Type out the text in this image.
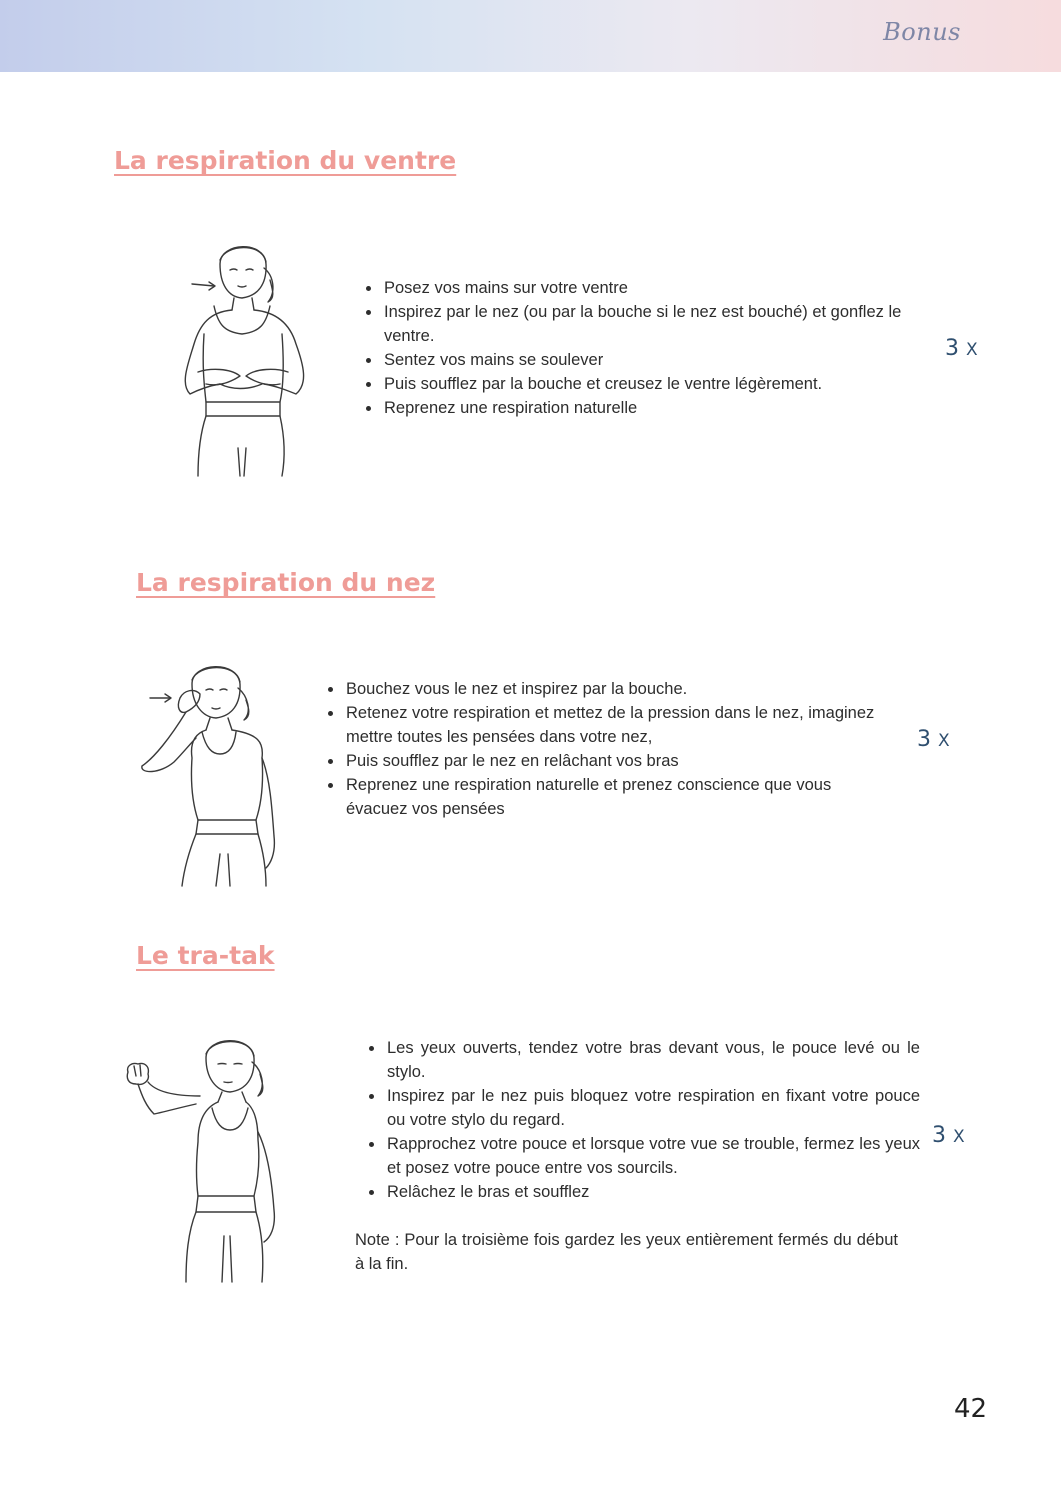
Bonus
La respiration du ventre
• Posez vos mains sur votre ventre
• Inspirez par le nez (ou par la bouche si le nez est bouché) et gonflez le ventre.
• Sentez vos mains se soulever
• Puis soufflez par la bouche et creusez le ventre légèrement.
• Reprenez une respiration naturelle
3 X
La respiration du nez
• Bouchez vous le nez et inspirez par la bouche.
• Retenez votre respiration et mettez de la pression dans le nez, imaginez mettre toutes les pensées dans votre nez,
• Puis soufflez par le nez en relâchant vos bras
• Reprenez une respiration naturelle et prenez conscience que vous évacuez vos pensées
3 X
Le tra-tak
• Les yeux ouverts, tendez votre bras devant vous, le pouce levé ou le stylo.
• Inspirez par le nez puis bloquez votre respiration en fixant votre pouce ou votre stylo du regard.
• Rapprochez votre pouce et lorsque votre vue se trouble, fermez les yeux et posez votre pouce entre vos sourcils.
• Relâchez le bras et soufflez

Note : Pour la troisième fois gardez les yeux entièrement fermés du début à la fin.

3 X
42
